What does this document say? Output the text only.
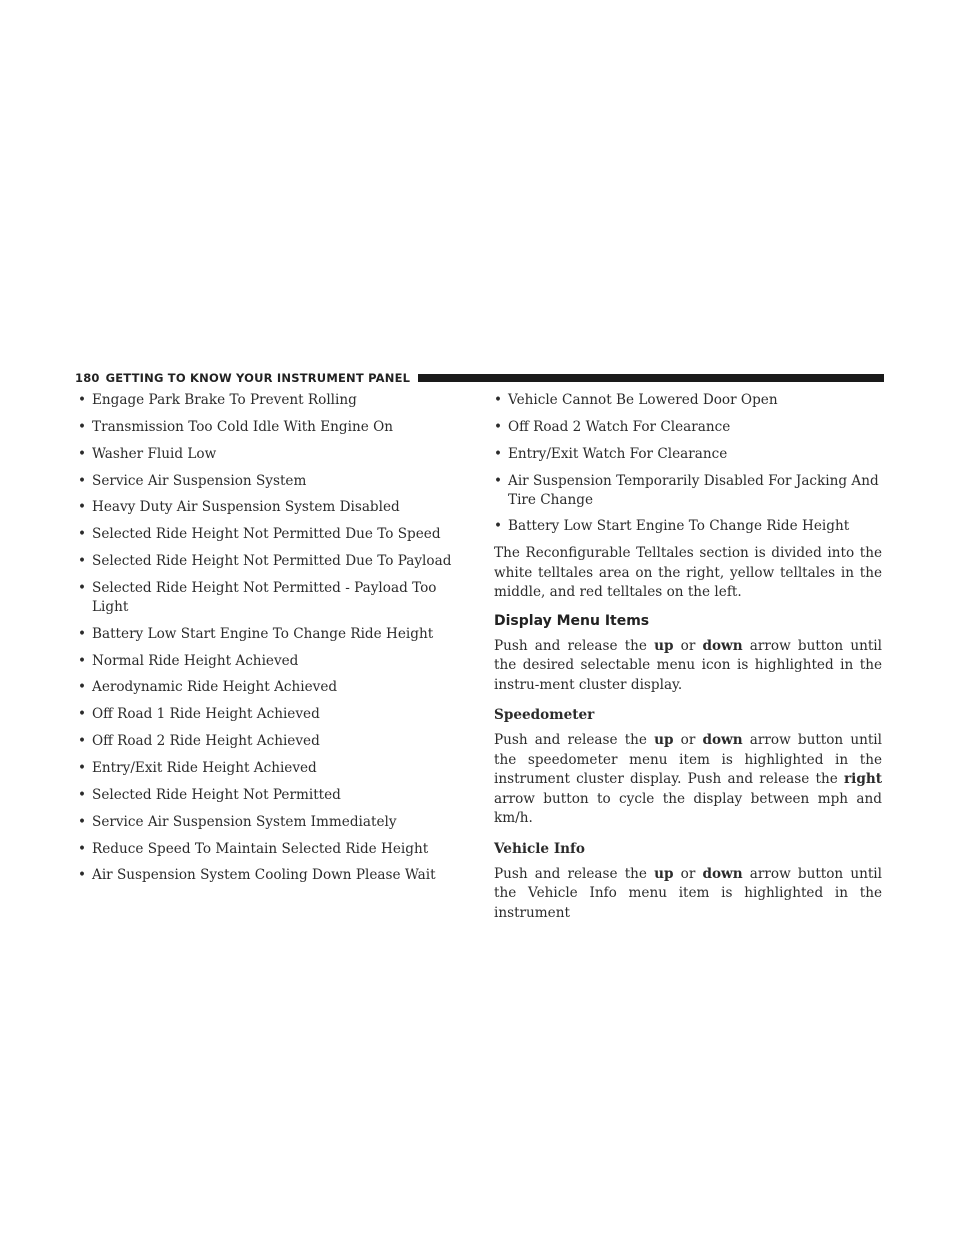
180 GETTING TO KNOW YOUR INSTRUMENT PANEL
• Engage Park Brake To Prevent Rolling
• Transmission Too Cold Idle With Engine On
• Washer Fluid Low
• Service Air Suspension System
• Heavy Duty Air Suspension System Disabled
• Selected Ride Height Not Permitted Due To Speed
• Selected Ride Height Not Permitted Due To Payload
• Selected Ride Height Not Permitted - Payload Too Light
• Battery Low Start Engine To Change Ride Height
• Normal Ride Height Achieved
• Aerodynamic Ride Height Achieved
• Off Road 1 Ride Height Achieved
• Off Road 2 Ride Height Achieved
• Entry/Exit Ride Height Achieved
• Selected Ride Height Not Permitted
• Service Air Suspension System Immediately
• Reduce Speed To Maintain Selected Ride Height
• Air Suspension System Cooling Down Please Wait
• Vehicle Cannot Be Lowered Door Open
• Off Road 2 Watch For Clearance
• Entry/Exit Watch For Clearance
• Air Suspension Temporarily Disabled For Jacking And Tire Change
• Battery Low Start Engine To Change Ride Height

The Reconfigurable Telltales section is divided into the white telltales area on the right, yellow telltales in the middle, and red telltales on the left.

Display Menu Items

Push and release the up or down arrow button until the desired selectable menu icon is highlighted in the instru-ment cluster display.

Speedometer

Push and release the up or down arrow button until the speedometer menu item is highlighted in the instrument cluster display. Push and release the right arrow button to cycle the display between mph and km/h.

Vehicle Info

Push and release the up or down arrow button until the Vehicle Info menu item is highlighted in the instrument
